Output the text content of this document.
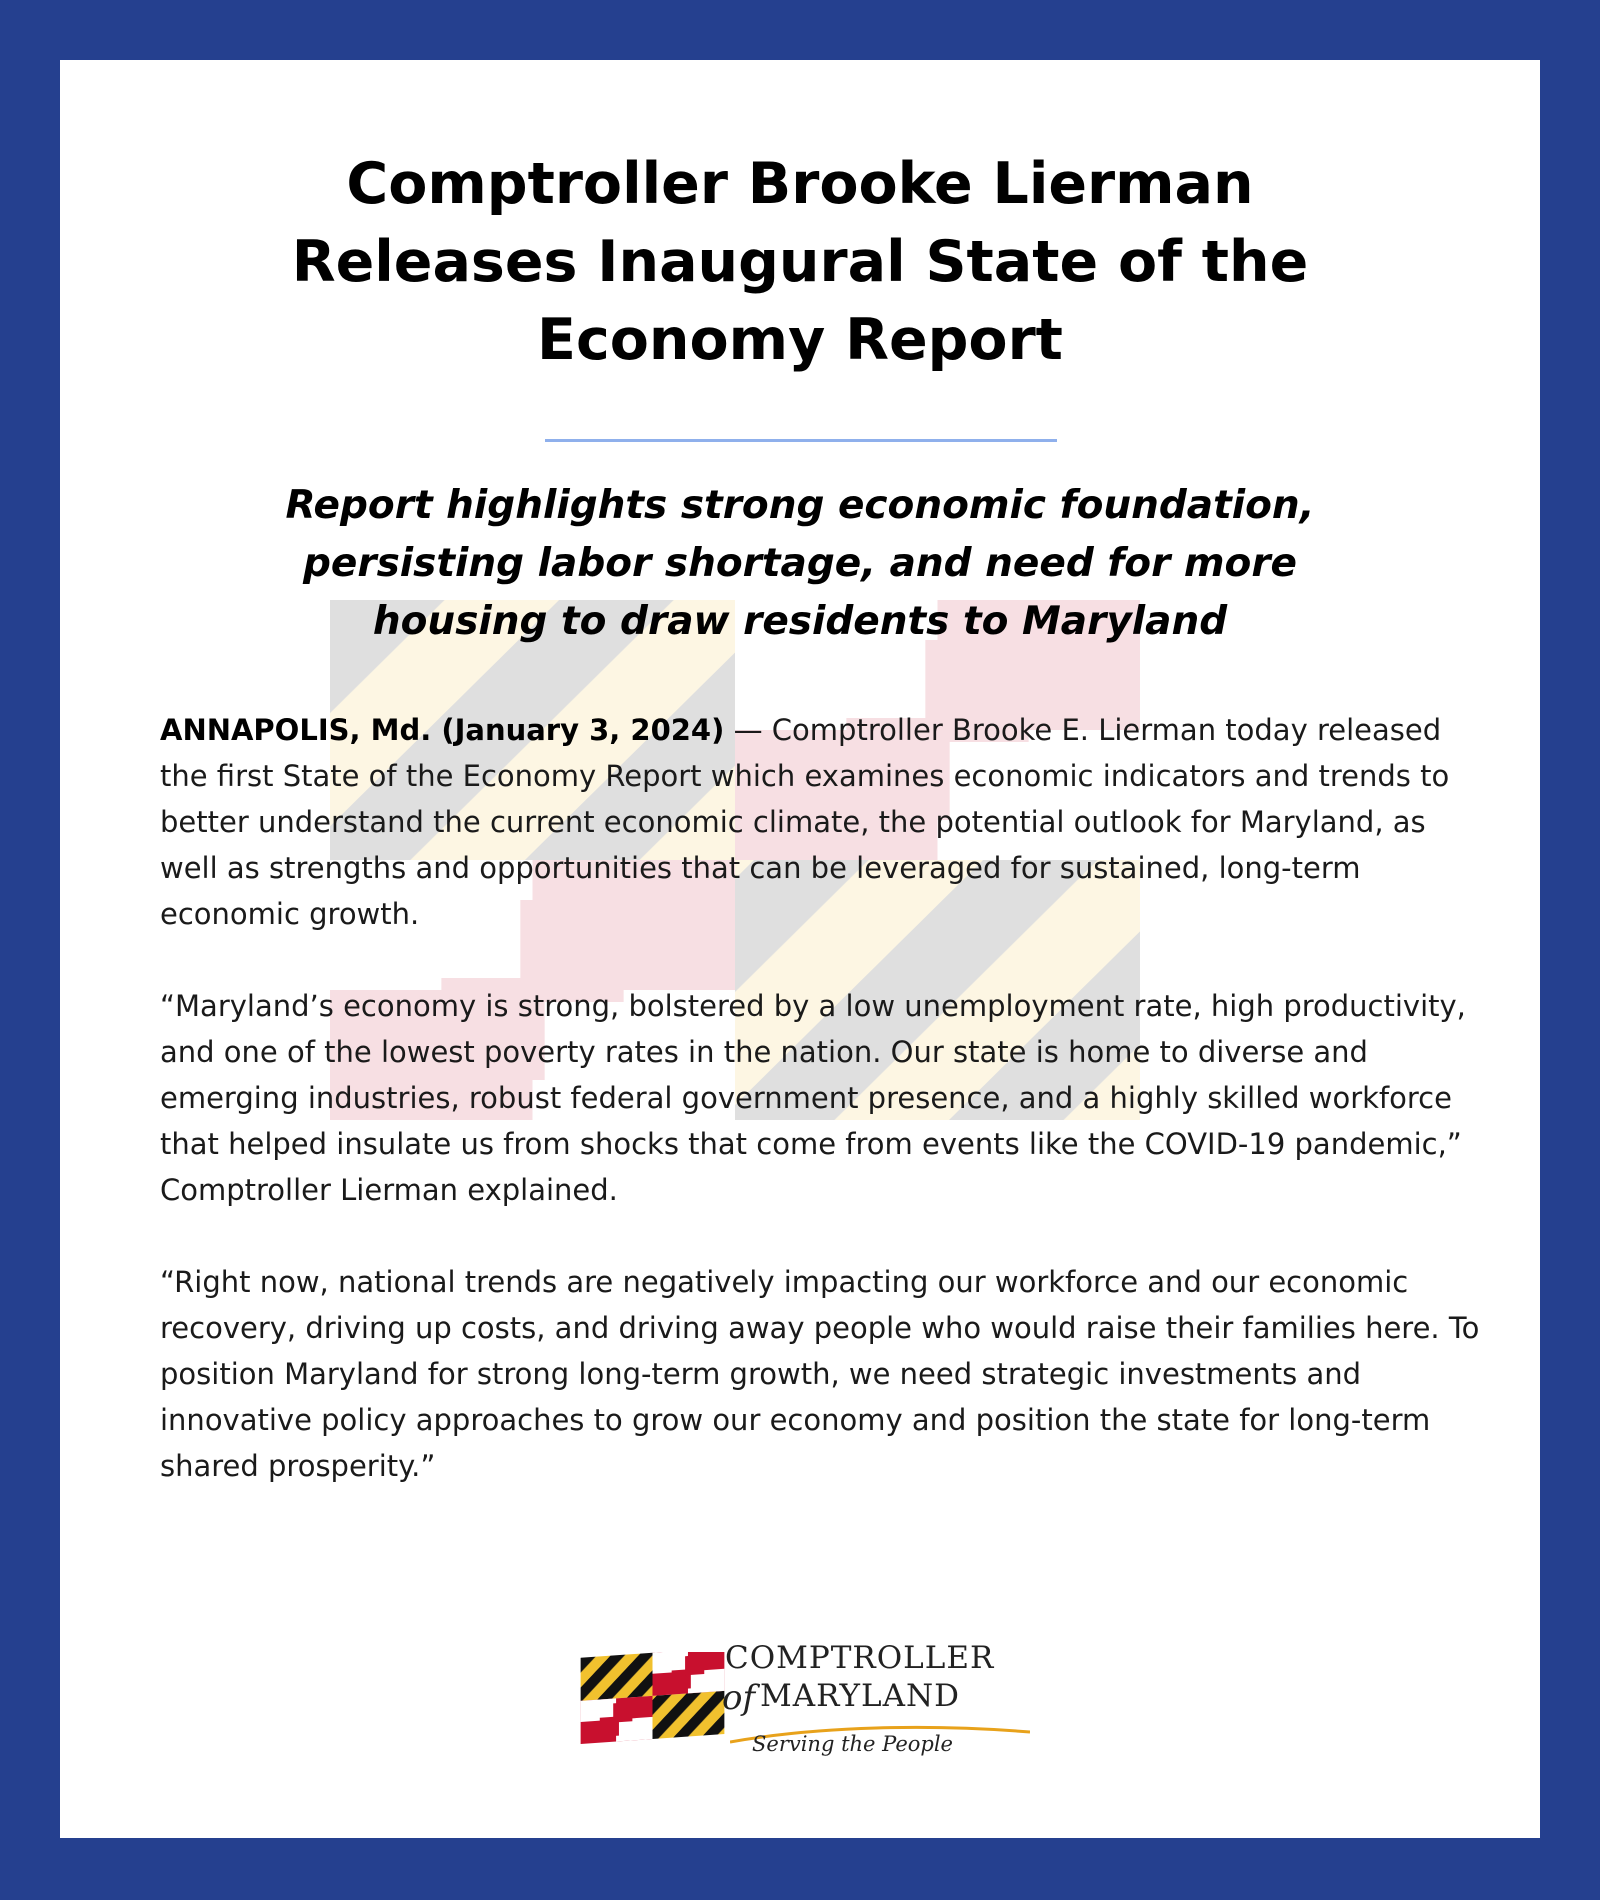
Comptroller Brooke Lierman
Releases Inaugural State of the
Economy Report
Report highlights strong economic foundation,
persisting labor shortage, and need for more
housing to draw residents to Maryland

ANNAPOLIS, Md. (January 3, 2024) — Comptroller Brooke E. Lierman today released the first State of the Economy Report which examines economic indicators and trends to better understand the current economic climate, the potential outlook for Maryland, as well as strengths and opportunities that can be leveraged for sustained, long-term economic growth.

“Maryland’s economy is strong, bolstered by a low unemployment rate, high productivity, and one of the lowest poverty rates in the nation. Our state is home to diverse and emerging industries, robust federal government presence, and a highly skilled workforce that helped insulate us from shocks that come from events like the COVID-19 pandemic,” Comptroller Lierman explained.

“Right now, national trends are negatively impacting our workforce and our economic recovery, driving up costs, and driving away people who would raise their families here. To position Maryland for strong long-term growth, we need strategic investments and innovative policy approaches to grow our economy and position the state for long-term shared prosperity.”

COMPTROLLER
of MARYLAND
Serving the People
